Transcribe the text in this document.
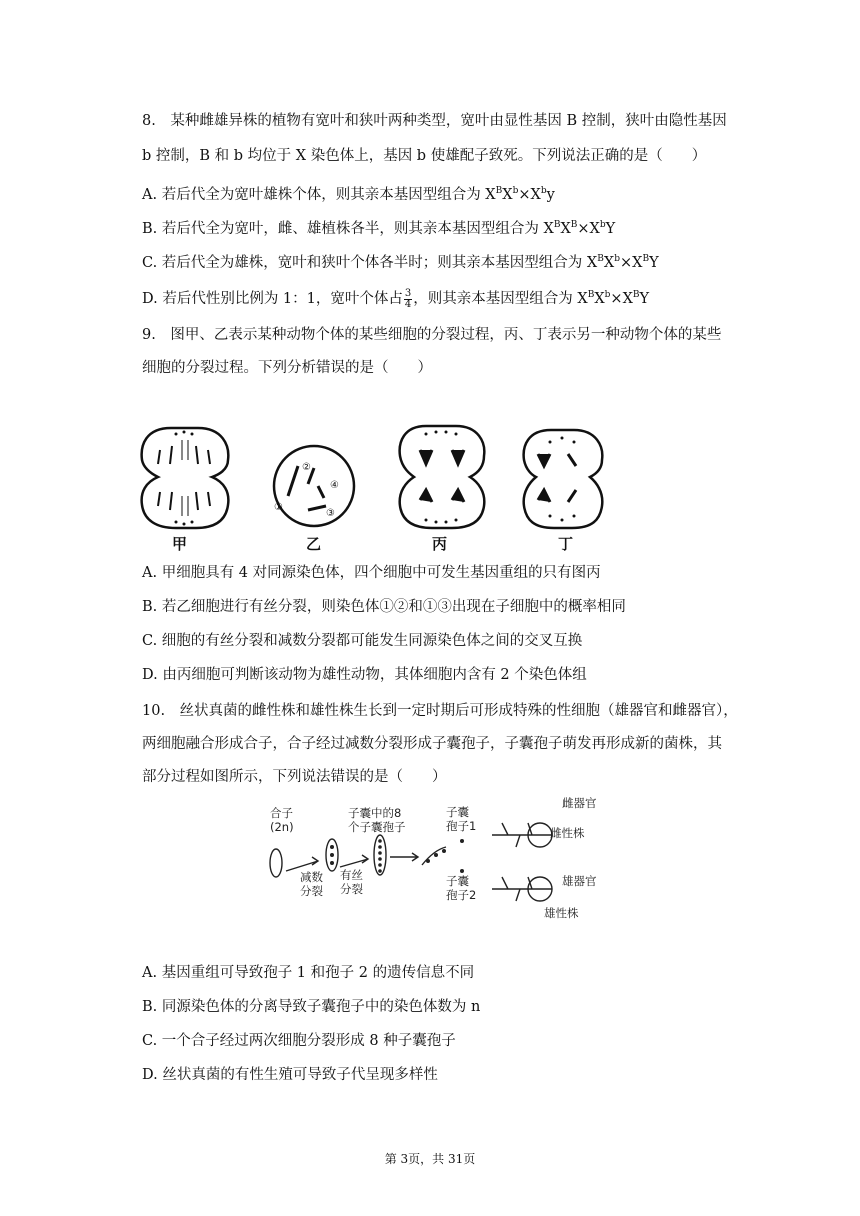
8.　某种雌雄异株的植物有宽叶和狭叶两种类型，宽叶由显性基因 B 控制，狭叶由隐性基因
b 控制，B 和 b 均位于 X 染色体上，基因 b 使雄配子致死。下列说法正确的是（　　）
A. 若后代全为宽叶雄株个体，则其亲本基因型组合为 $X^BX^b\times X^by$
B. 若后代全为宽叶，雌、雄植株各半，则其亲本基因型组合为 $X^BX^B\times X^bY$
C. 若后代全为雄株，宽叶和狭叶个体各半时；则其亲本基因型组合为 $X^BX^b\times X^BY$
D. 若后代性别比例为 1：1，宽叶个体占 $\frac{3}{4}$ ，则其亲本基因型组合为 $X^BX^b\times X^BY$
9.　图甲、乙表示某种动物个体的某些细胞的分裂过程，丙、丁表示另一种动物个体的某些
细胞的分裂过程。下列分析错误的是（　　）
①
②
③
④
甲	乙	丙	丁
A. 甲细胞具有 4 对同源染色体，四个细胞中可发生基因重组的只有图丙
B. 若乙细胞进行有丝分裂，则染色体①②和①③出现在子细胞中的概率相同
C. 细胞的有丝分裂和减数分裂都可能发生同源染色体之间的交叉互换
D. 由丙细胞可判断该动物为雄性动物，其体细胞内含有 2 个染色体组
10.　丝状真菌的雌性株和雄性株生长到一定时期后可形成特殊的性细胞（雄器官和雌器官），
两细胞融合形成合子，合子经过减数分裂形成子囊孢子，子囊孢子萌发再形成新的菌株，其
部分过程如图所示，下列说法错误的是（　　）
合子
(2n)
子囊中的8
个子囊孢子
减数
分裂
有丝
分裂
子囊
孢子1
子囊
孢子2
雌器官
雌性株
雄器官
雄性株
A. 基因重组可导致孢子 1 和孢子 2 的遗传信息不同
B. 同源染色体的分离导致子囊孢子中的染色体数为 n
C. 一个合子经过两次细胞分裂形成 8 种子囊孢子
D. 丝状真菌的有性生殖可导致子代呈现多样性
第 3页，共 31页
